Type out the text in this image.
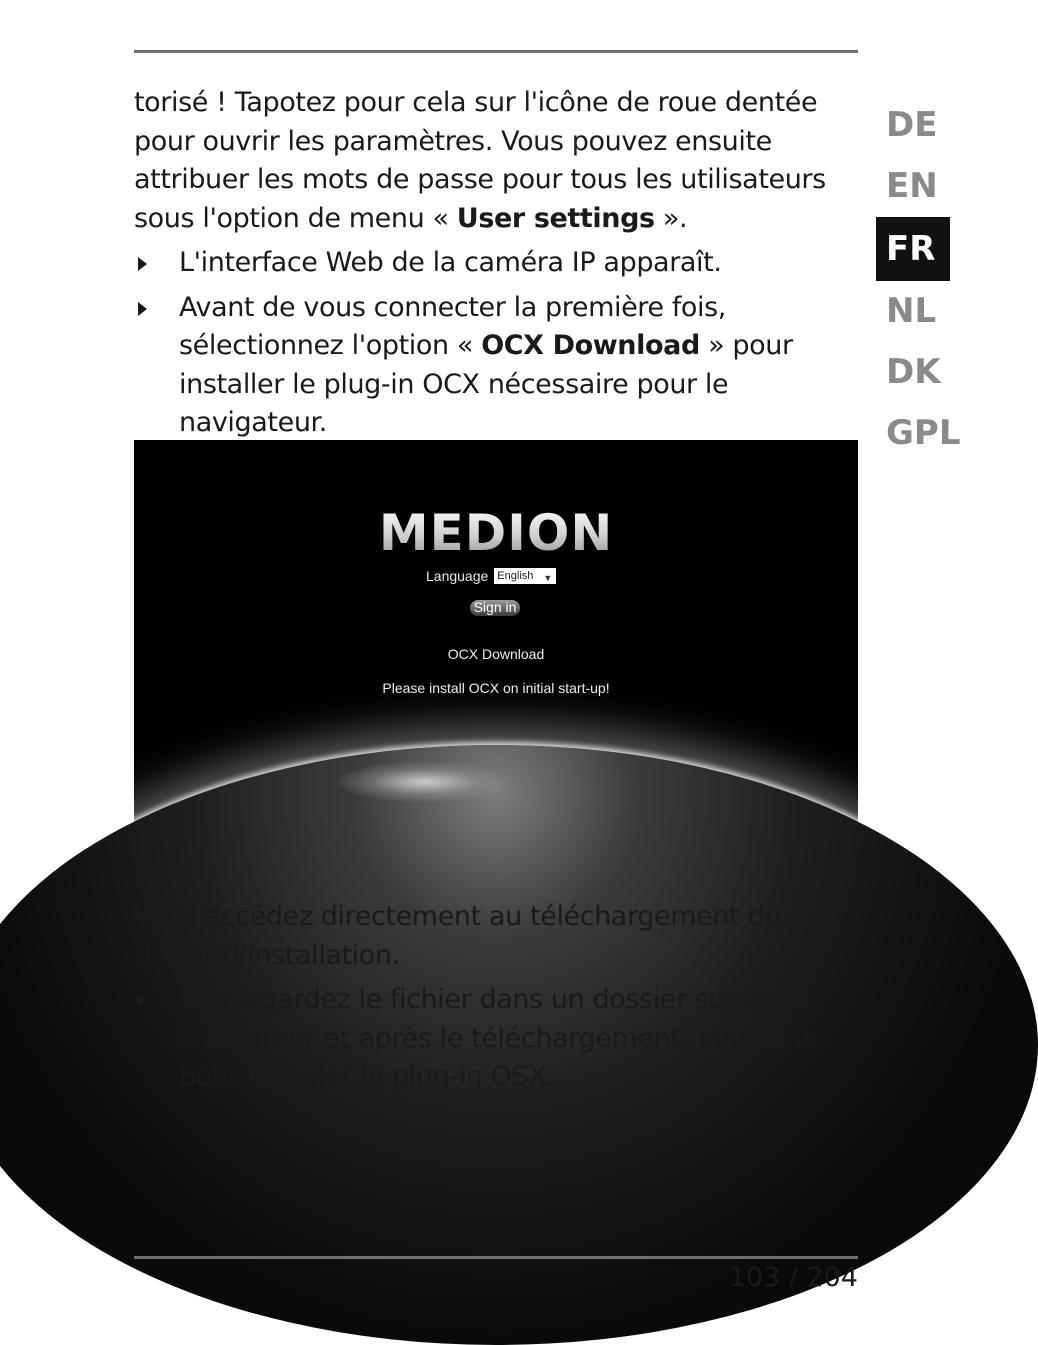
torisé ! Tapotez pour cela sur l'icône de roue dentée pour ouvrir les paramètres. Vous pouvez ensuite attribuer les mots de passe pour tous les utilisateurs sous l'option de menu « User settings ».

L'interface Web de la caméra IP apparaît.
Avant de vous connecter la première fois, sélectionnez l'option « OCX Download » pour installer le plug-in OCX nécessaire pour le navigateur.
DE
EN
FR
NL
DK
GPL
MEDION
Language English ▼
Sign in
OCX Download
Please install OCX on initial start-up!

Vous accédez directement au téléchargement du fichier d'installation.

Sauvegardez le fichier dans un dossier sur votre ordinateur et après le téléchargement, ouvrez-le pour installer le plug-in OSX.
103 / 204
